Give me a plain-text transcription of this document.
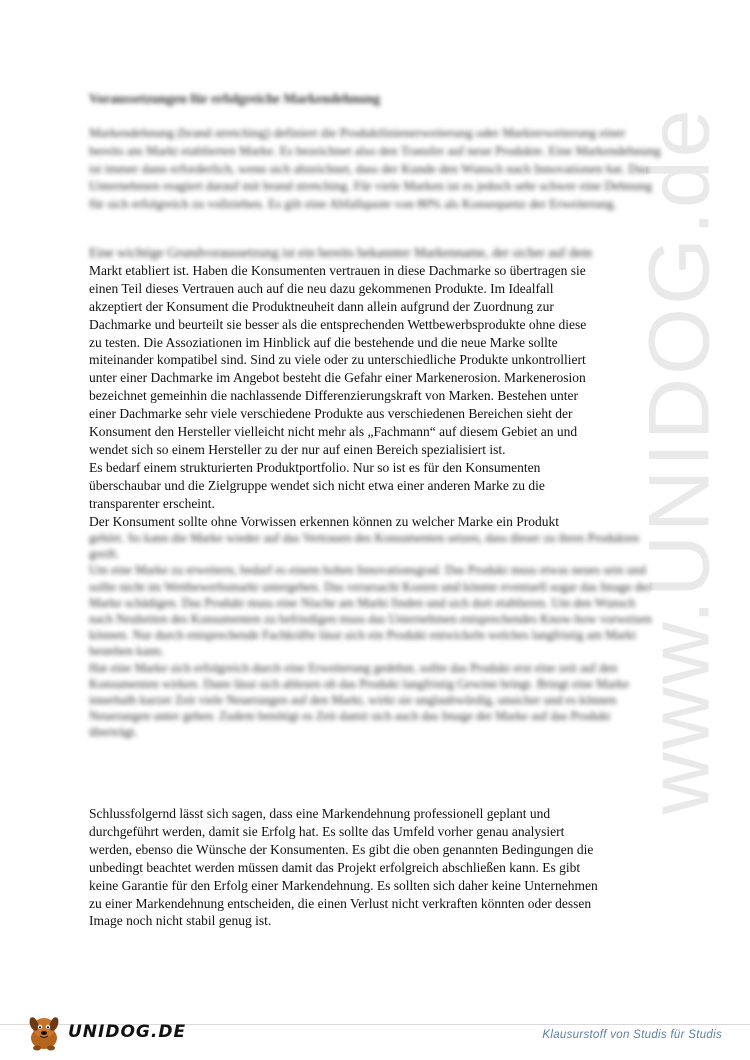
www.UNIDOG.de
Voraussetzungen für erfolgreiche Markendehnung

Markendehnung (brand stretching) definiert die Produktlinienerweiterung oder Markterweiterung einer bereits am Markt etablierten Marke. Es bezeichnet also den Transfer auf neue Produkte. Eine Markendehnung ist immer dann erforderlich, wenn sich abzeichnet, dass der Kunde den Wunsch nach Innovationen hat. Das Unternehmen reagiert darauf mit brand stretching. Für viele Marken ist es jedoch sehr schwer eine Dehnung für sich erfolgreich zu vollziehen. Es gilt eine Abfallquote von 80% als Konsequenz der Erweiterung.

Eine wichtige Grundvoraussetzung ist ein bereits bekannter Markenname, der sicher auf dem

Markt etabliert ist. Haben die Konsumenten vertrauen in diese Dachmarke so übertragen sie

einen Teil dieses Vertrauen auch auf die neu dazu gekommenen Produkte. Im Idealfall

akzeptiert der Konsument die Produktneuheit dann allein aufgrund der Zuordnung zur

Dachmarke und beurteilt sie besser als die entsprechenden Wettbewerbsprodukte ohne diese

zu testen. Die Assoziationen im Hinblick auf die bestehende und die neue Marke sollte

miteinander kompatibel sind. Sind zu viele oder zu unterschiedliche Produkte unkontrolliert

unter einer Dachmarke im Angebot besteht die Gefahr einer Markenerosion. Markenerosion

bezeichnet gemeinhin die nachlassende Differenzierungskraft von Marken. Bestehen unter

einer Dachmarke sehr viele verschiedene Produkte aus verschiedenen Bereichen sieht der

Konsument den Hersteller vielleicht nicht mehr als „Fachmann“ auf diesem Gebiet an und

wendet sich so einem Hersteller zu der nur auf einen Bereich spezialisiert ist.

Es bedarf einem strukturierten Produktportfolio. Nur so ist es für den Konsumenten

überschaubar und die Zielgruppe wendet sich nicht etwa einer anderen Marke zu die

transparenter erscheint.

Der Konsument sollte ohne Vorwissen erkennen können zu welcher Marke ein Produkt

gehört. So kann die Marke wieder auf das Vertrauen des Konsumenten setzen, dass dieser zu ihren Produkten greift.

Um eine Marke zu erweitern, bedarf es einem hohen Innovationsgrad. Das Produkt muss etwas neues sein und sollte nicht im Wettbewerbsmarkt untergehen. Das verursacht Kosten und könnte eventuell sogar das Image der Marke schädigen. Das Produkt muss eine Nische am Markt finden und sich dort etablieren. Um den Wunsch nach Neuheiten des Konsumenten zu befriedigen muss das Unternehmen entsprechendes Know-how vorweisen können. Nur durch entsprechende Fachkräfte lässt sich ein Produkt entwickeln welches langfristig am Markt bestehen kann.

Hat eine Marke sich erfolgreich durch eine Erweiterung gedehnt, sollte das Produkt erst eine zeit auf den Konsumenten wirken. Dann lässt sich ablesen ob das Produkt langfristig Gewinn bringt. Bringt eine Marke innerhalb kurzer Zeit viele Neuerungen auf den Markt, wirkt sie unglaubwürdig, unsicher und es können Neuerungen unter gehen. Zudem benötigt es Zeit damit sich auch das Image der Marke auf das Produkt überträgt.

Schlussfolgernd lässt sich sagen, dass eine Markendehnung professionell geplant und

durchgeführt werden, damit sie Erfolg hat. Es sollte das Umfeld vorher genau analysiert

werden, ebenso die Wünsche der Konsumenten. Es gibt die oben genannten Bedingungen die

unbedingt beachtet werden müssen damit das Projekt erfolgreich abschließen kann. Es gibt

keine Garantie für den Erfolg einer Markendehnung. Es sollten sich daher keine Unternehmen

zu einer Markendehnung entscheiden, die einen Verlust nicht verkraften könnten oder dessen

Image noch nicht stabil genug ist.

UNIDOG.DE	Klausurstoff von Studis für Studis
